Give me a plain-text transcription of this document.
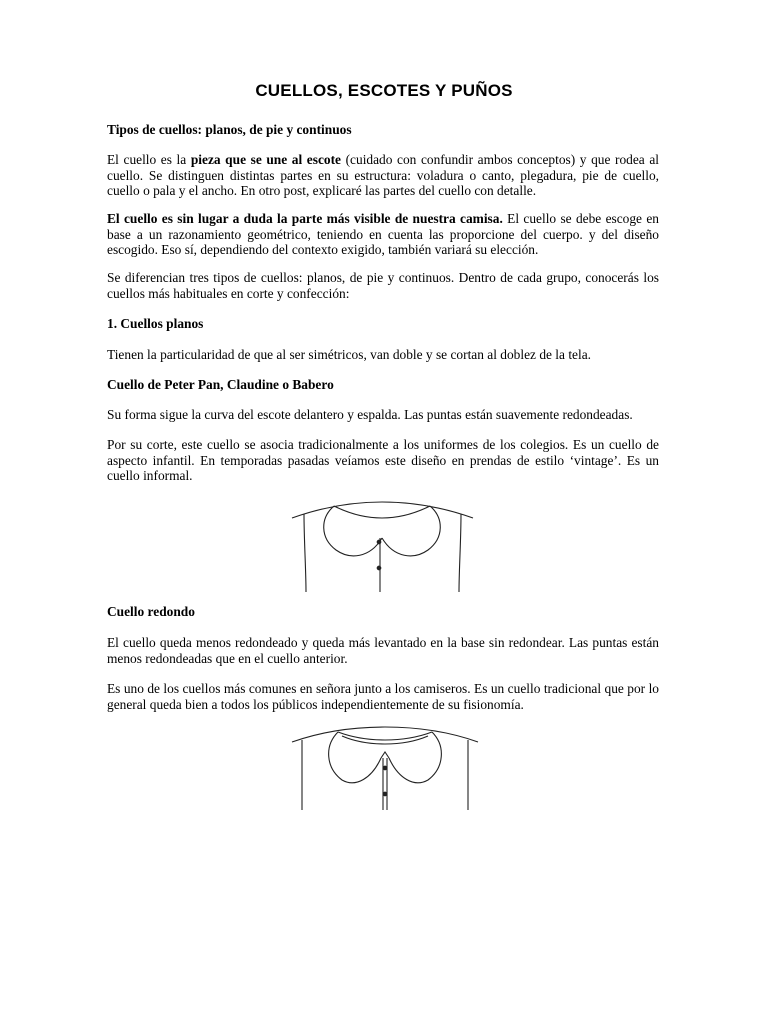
CUELLOS, ESCOTES Y PUÑOS
Tipos de cuellos: planos, de pie y continuos
El cuello es la pieza que se une al escote (cuidado con confundir ambos conceptos) y que rodea al cuello. Se distinguen distintas partes en su estructura: voladura o canto, plegadura, pie de cuello, cuello o pala y el ancho. En otro post, explicaré las partes del cuello con detalle.
El cuello es sin lugar a duda la parte más visible de nuestra camisa. El cuello se debe escoge en base a un razonamiento geométrico, teniendo en cuenta las proporcione del cuerpo. y del diseño escogido. Eso sí, dependiendo del contexto exigido, también variará su elección.
Se diferencian tres tipos de cuellos: planos, de pie y continuos. Dentro de cada grupo, conocerás los cuellos más habituales en corte y confección:
1. Cuellos planos
Tienen la particularidad de que al ser simétricos, van doble y se cortan al doblez de la tela.
Cuello de Peter Pan, Claudine o Babero
Su forma sigue la curva del escote delantero y espalda. Las puntas están suavemente redondeadas.
Por su corte, este cuello se asocia tradicionalmente a los uniformes de los colegios. Es un cuello de aspecto infantil. En temporadas pasadas veíamos este diseño en prendas de estilo ‘vintage’. Es un cuello informal.
Cuello redondo
El cuello queda menos redondeado y queda más levantado en la base sin redondear. Las puntas están menos redondeadas que en el cuello anterior.
Es uno de los cuellos más comunes en señora junto a los camiseros. Es un cuello tradicional que por lo general queda bien a todos los públicos independientemente de su fisionomía.
